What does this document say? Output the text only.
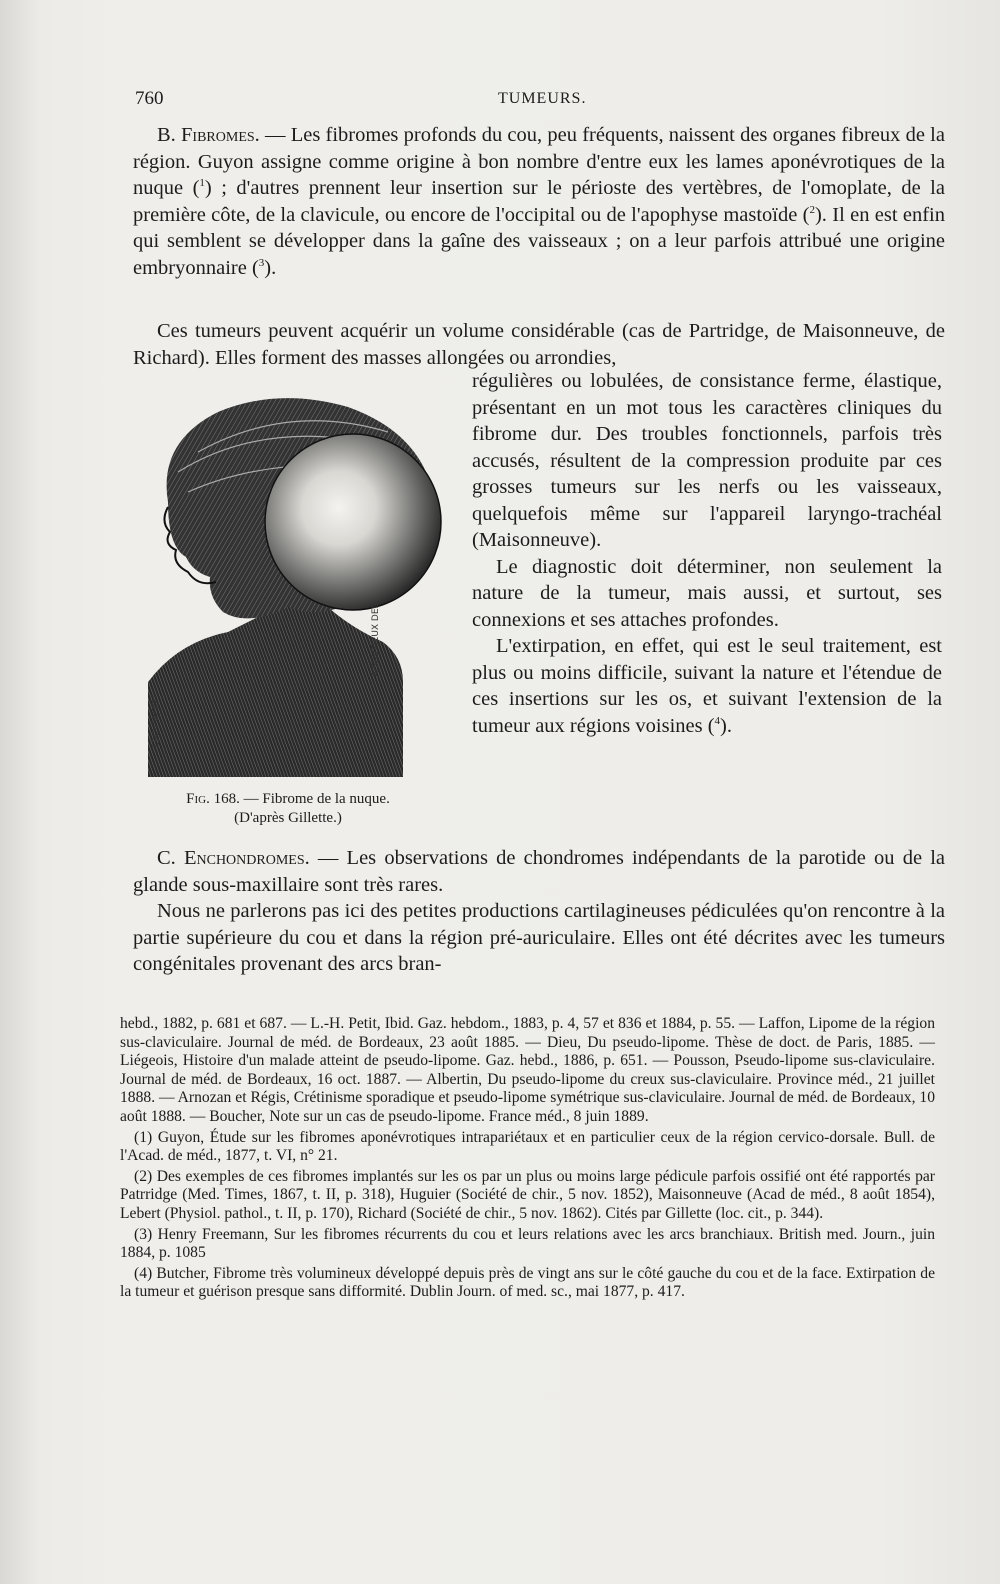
760	TUMEURS.

B. Fibromes. — Les fibromes profonds du cou, peu fréquents, naissent des organes fibreux de la région. Guyon assigne comme origine à bon nombre d'entre eux les lames aponévrotiques de la nuque ($^1$) ; d'autres prennent leur insertion sur le périoste des vertèbres, de l'omoplate, de la première côte, de la clavicule, ou encore de l'occipital ou de l'apophyse mastoïde ($^2$). Il en est enfin qui semblent se développer dans la gaîne des vaisseaux ; on a leur parfois attribué une origine embryonnaire ($^3$).

Ces tumeurs peuvent acquérir un volume considérable (cas de Partridge, de Maisonneuve, de Richard). Elles forment des masses allongées ou arrondies,

BLANADET
A.SAVTIEUX DEL
Fig. 168. — Fibrome de la nuque.
(D'après Gillette.)

régulières ou lobulées, de consistance ferme, élastique, présentant en un mot tous les caractères cliniques du fibrome dur. Des troubles fonctionnels, parfois très accusés, résultent de la compression produite par ces grosses tumeurs sur les nerfs ou les vaisseaux, quelquefois même sur l'appareil laryngo-trachéal (Maisonneuve).

Le diagnostic doit déterminer, non seulement la nature de la tumeur, mais aussi, et surtout, ses connexions et ses attaches profondes.

L'extirpation, en effet, qui est le seul traitement, est plus ou moins difficile, suivant la nature et l'étendue de ces insertions sur les os, et suivant l'extension de la tumeur aux régions voisines ($^4$).

C. Enchondromes. — Les observations de chondromes indépendants de la parotide ou de la glande sous-maxillaire sont très rares.

Nous ne parlerons pas ici des petites productions cartilagineuses pédiculées qu'on rencontre à la partie supérieure du cou et dans la région pré-auriculaire. Elles ont été décrites avec les tumeurs congénitales provenant des arcs bran-

hebd., 1882, p. 681 et 687. — L.-H. Petit, Ibid. Gaz. hebdom., 1883, p. 4, 57 et 836 et 1884, p. 55. — Laffon, Lipome de la région sus-claviculaire. Journal de méd. de Bordeaux, 23 août 1885. — Dieu, Du pseudo-lipome. Thèse de doct. de Paris, 1885. — Liégeois, Histoire d'un malade atteint de pseudo-lipome. Gaz. hebd., 1886, p. 651. — Pousson, Pseudo-lipome sus-claviculaire. Journal de méd. de Bordeaux, 16 oct. 1887. — Albertin, Du pseudo-lipome du creux sus-claviculaire. Province méd., 21 juillet 1888. — Arnozan et Régis, Crétinisme sporadique et pseudo-lipome symétrique sus-claviculaire. Journal de méd. de Bordeaux, 10 août 1888. — Boucher, Note sur un cas de pseudo-lipome. France méd., 8 juin 1889.

(1) Guyon, Étude sur les fibromes aponévrotiques intrapariétaux et en particulier ceux de la région cervico-dorsale. Bull. de l'Acad. de méd., 1877, t. VI, n° 21.

(2) Des exemples de ces fibromes implantés sur les os par un plus ou moins large pédicule parfois ossifié ont été rapportés par Patrridge (Med. Times, 1867, t. II, p. 318), Huguier (Société de chir., 5 nov. 1852), Maisonneuve (Acad de méd., 8 août 1854), Lebert (Physiol. pathol., t. II, p. 170), Richard (Société de chir., 5 nov. 1862). Cités par Gillette (loc. cit., p. 344).

(3) Henry Freemann, Sur les fibromes récurrents du cou et leurs relations avec les arcs branchiaux. British med. Journ., juin 1884, p. 1085

(4) Butcher, Fibrome très volumineux développé depuis près de vingt ans sur le côté gauche du cou et de la face. Extirpation de la tumeur et guérison presque sans difformité. Dublin Journ. of med. sc., mai 1877, p. 417.
